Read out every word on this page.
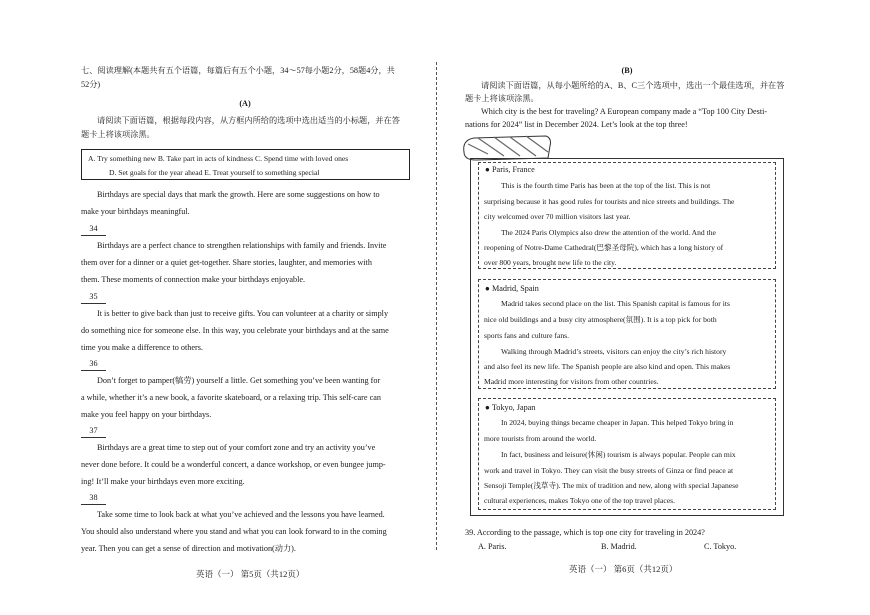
七、阅读理解(本题共有五个语篇，每篇后有五个小题，34～57每小题2分，58题4分，共
52分)
(A)
请阅读下面语篇，根据每段内容，从方框内所给的选项中选出适当的小标题，并在答
题卡上将该项涂黑。
A. Try something new B. Take part in acts of kindness C. Spend time with loved ones
D. Set goals for the year ahead E. Treat yourself to something special
Birthdays are special days that mark the growth. Here are some suggestions on how to
make your birthdays meaningful.
34
Birthdays are a perfect chance to strengthen relationships with family and friends. Invite
them over for a dinner or a quiet get-together. Share stories, laughter, and memories with
them. These moments of connection make your birthdays enjoyable.
35
It is better to give back than just to receive gifts. You can volunteer at a charity or simply
do something nice for someone else. In this way, you celebrate your birthdays and at the same
time you make a difference to others.
36
Don’t forget to pamper(犒劳) yourself a little. Get something you’ve been wanting for
a while, whether it’s a new book, a favorite skateboard, or a relaxing trip. This self-care can
make you feel happy on your birthdays.
37
Birthdays are a great time to step out of your comfort zone and try an activity you’ve
never done before. It could be a wonderful concert, a dance workshop, or even bungee jump-
ing! It’ll make your birthdays even more exciting.
38
Take some time to look back at what you’ve achieved and the lessons you have learned.
You should also understand where you stand and what you can look forward to in the coming
year. Then you can get a sense of direction and motivation(动力).
英语（一） 第5页（共12页）
(B)
请阅读下面语篇，从每小题所给的A、B、C三个选项中，选出一个最佳选项，并在答
题卡上将该项涂黑。
Which city is the best for traveling? A European company made a “Top 100 City Desti-
nations for 2024” list in December 2024. Let’s look at the top three!
● Paris, France
This is the fourth time Paris has been at the top of the list. This is not
surprising because it has good rules for tourists and nice streets and buildings. The
city welcomed over 70 million visitors last year.
The 2024 Paris Olympics also drew the attention of the world. And the
reopening of Notre-Dame Cathedral(巴黎圣母院), which has a long history of
over 800 years, brought new life to the city.
● Madrid, Spain
Madrid takes second place on the list. This Spanish capital is famous for its
nice old buildings and a busy city atmosphere(氛围). It is a top pick for both
sports fans and culture fans.
Walking through Madrid’s streets, visitors can enjoy the city’s rich history
and also feel its new life. The Spanish people are also kind and open. This makes
Madrid more interesting for visitors from other countries.
● Tokyo, Japan
In 2024, buying things became cheaper in Japan. This helped Tokyo bring in
more tourists from around the world.
In fact, business and leisure(休闲) tourism is always popular. People can mix
work and travel in Tokyo. They can visit the busy streets of Ginza or find peace at
Sensoji Temple(浅草寺). The mix of tradition and new, along with special Japanese
cultural experiences, makes Tokyo one of the top travel places.
39. According to the passage, which is top one city for traveling in 2024?
A. Paris.	B. Madrid.	C. Tokyo.
英语（一） 第6页（共12页）
